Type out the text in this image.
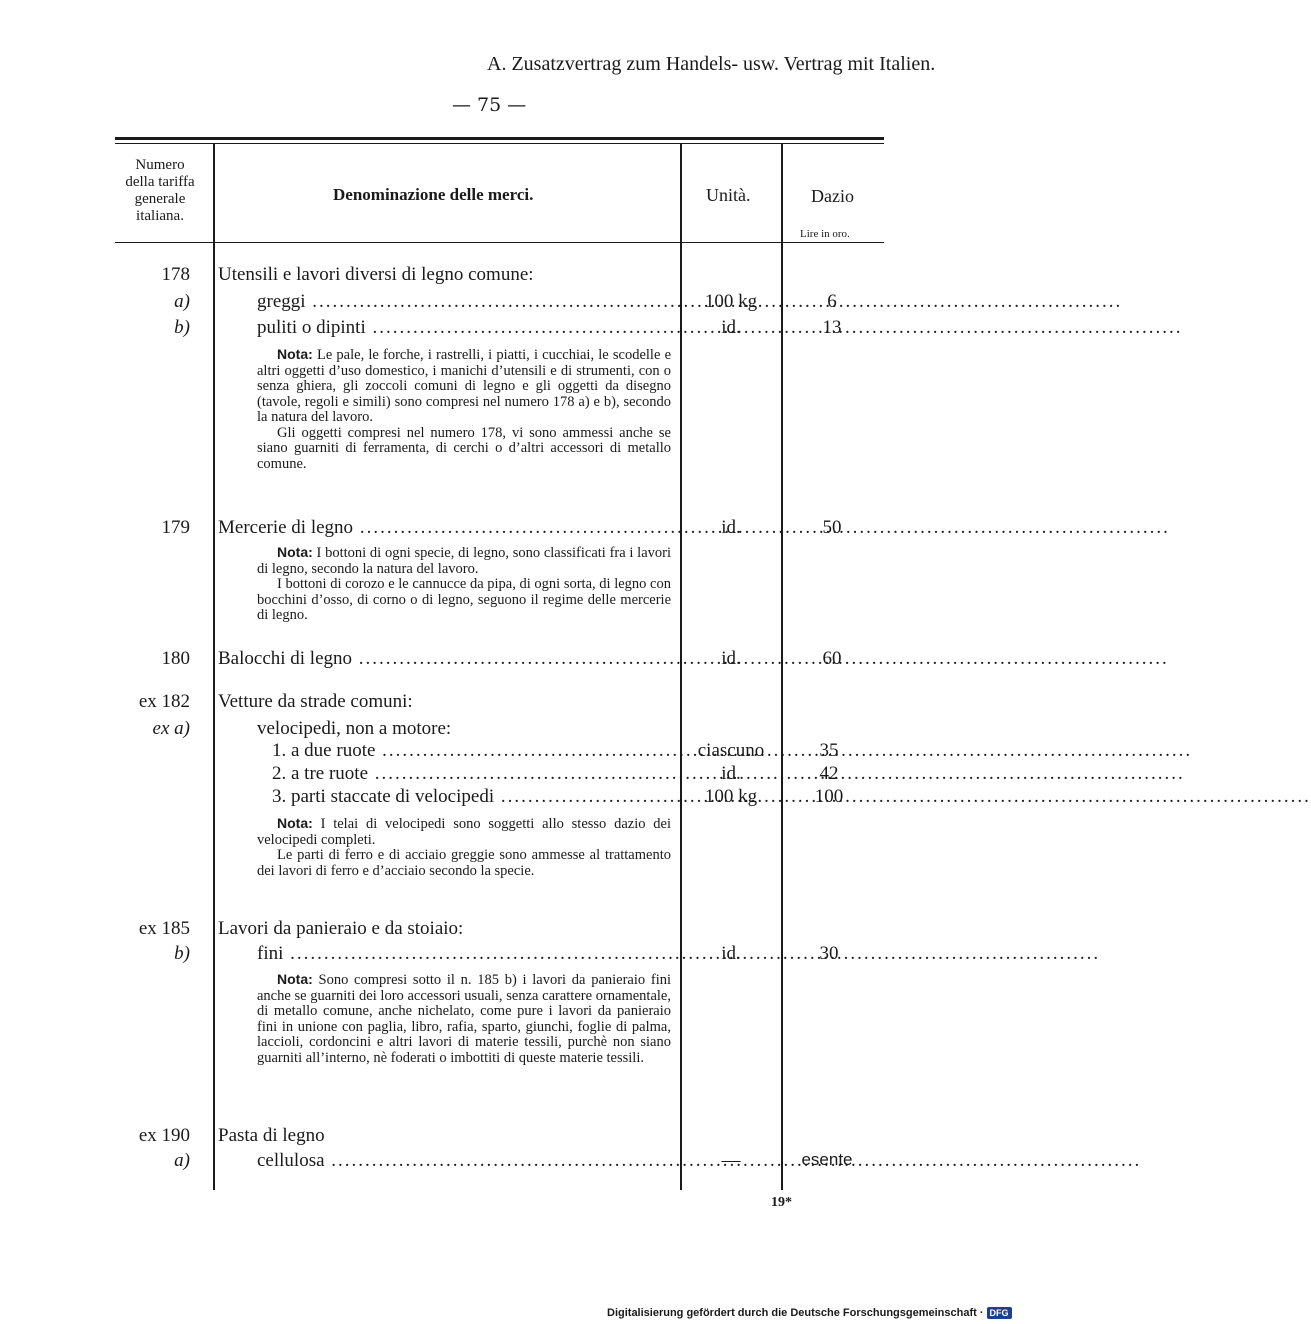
A. Zusatzvertrag zum Handels- usw. Vertrag mit Italien.
— 75 —
Numero
della tariffa
generale
italiana.
Denominazione delle merci.	Unità.	Dazio
Lire in oro.
178 Utensili e lavori diversi di legno comune:
a)	greggi .....	100 kg	6
b)	puliti o dipinti .....	id.	13

Nota: Le pale, le forche, i rastrelli, i piatti, i cucchiai, le scodelle e altri oggetti d’uso domestico, i manichi d’utensili e di strumenti, con o senza ghiera, gli zoccoli comuni di legno e gli oggetti da disegno (tavole, regoli e simili) sono compresi nel numero 178 a) e b), secondo la natura del lavoro.

Gli oggetti compresi nel numero 178, vi sono ammessi anche se siano guarniti di ferramenta, di cerchi o d’altri accessori di metallo comune.

179 Mercerie di legno .....	id.	50

Nota: I bottoni di ogni specie, di legno, sono classificati fra i lavori di legno, secondo la natura del lavoro.

I bottoni di corozo e le cannucce da pipa, di ogni sorta, di legno con bocchini d’osso, di corno o di legno, seguono il regime delle mercerie di legno.

180 Balocchi di legno .....	id.	60
ex 182 Vetture da strade comuni:
ex a)	velocipedi, non a motore:
1. a due ruote .....	ciascuno	35
2. a tre ruote .....	id.	42
3. parti staccate di velocipedi .....	100 kg	100

Nota: I telai di velocipedi sono soggetti allo stesso dazio dei velocipedi completi.

Le parti di ferro e di acciaio greggie sono ammesse al trattamento dei lavori di ferro e d’acciaio secondo la specie.

ex 185 Lavori da panieraio e da stoiaio:
b)	fini .....	id.	30

Nota: Sono compresi sotto il n. 185 b) i lavori da panieraio fini anche se guarniti dei loro accessori usuali, senza carattere ornamentale, di metallo comune, anche nichelato, come pure i lavori da panieraio fini in unione con paglia, libro, rafia, sparto, giunchi, foglie di palma, laccioli, cordoncini e altri lavori di materie tessili, purchè non siano guarniti all’interno, nè foderati o imbottiti di queste materie tessili.

ex 190 Pasta di legno
a)	cellulosa .....	—	esente
19*
Digitalisierung gefördert durch die Deutsche Forschungsgemeinschaft · DFG
